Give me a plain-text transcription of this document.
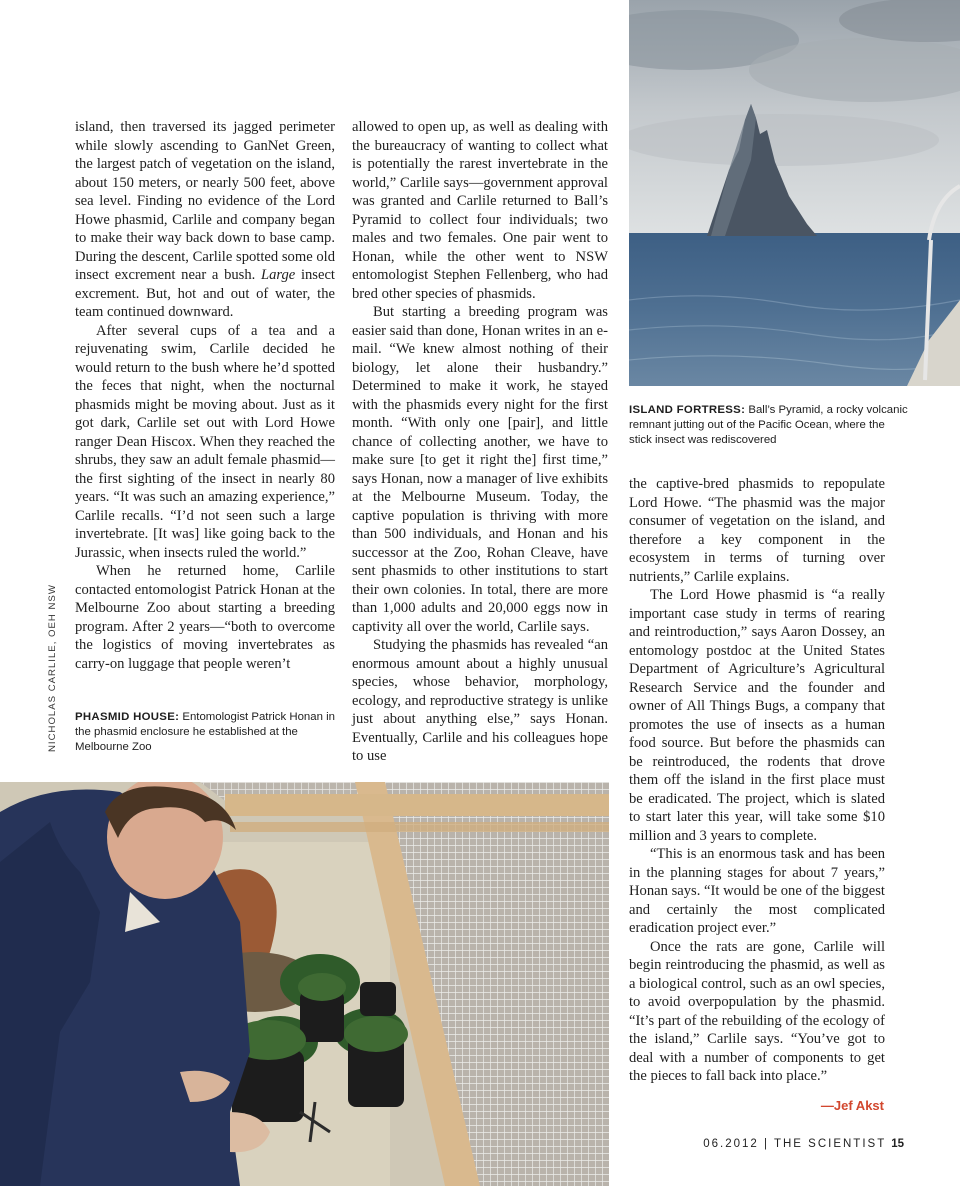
island, then traversed its jagged perimeter while slowly ascending to GanNet Green, the largest patch of vegetation on the island, about 150 meters, or nearly 500 feet, above sea level. Finding no evidence of the Lord Howe phasmid, Carlile and company began to make their way back down to base camp. During the descent, Carlile spotted some old insect excrement near a bush. Large insect excrement. But, hot and out of water, the team continued downward.

After several cups of a tea and a rejuvenating swim, Carlile decided he would return to the bush where he’d spotted the feces that night, when the nocturnal phasmids might be moving about. Just as it got dark, Carlile set out with Lord Howe ranger Dean Hiscox. When they reached the shrubs, they saw an adult female phasmid—the first sighting of the insect in nearly 80 years. “It was such an amazing experience,” Carlile recalls. “I’d not seen such a large invertebrate. [It was] like going back to the Jurassic, when insects ruled the world.”

When he returned home, Carlile contacted entomologist Patrick Honan at the Melbourne Zoo about starting a breeding program. After 2 years—“both to overcome the logistics of moving invertebrates as carry-on luggage that people weren’t

allowed to open up, as well as dealing with the bureaucracy of wanting to collect what is potentially the rarest invertebrate in the world,” Carlile says—government approval was granted and Carlile returned to Ball’s Pyramid to collect four individuals; two males and two females. One pair went to Honan, while the other went to NSW entomologist Stephen Fellenberg, who had bred other species of phasmids.

But starting a breeding program was easier said than done, Honan writes in an e-mail. “We knew almost nothing of their biology, let alone their husbandry.” Determined to make it work, he stayed with the phasmids every night for the first month. “With only one [pair], and little chance of collecting another, we have to make sure [to get it right the] first time,” says Honan, now a manager of live exhibits at the Melbourne Museum. Today, the captive population is thriving with more than 500 individuals, and Honan and his successor at the Zoo, Rohan Cleave, have sent phasmids to other institutions to start their own colonies. In total, there are more than 1,000 adults and 20,000 eggs now in captivity all over the world, Carlile says.

Studying the phasmids has revealed “an enormous amount about a highly unusual species, whose behavior, morphology, ecology, and reproductive strategy is unlike just about anything else,” says Honan. Eventually, Carlile and his colleagues hope to use

the captive-bred phasmids to repopulate Lord Howe. “The phasmid was the major consumer of vegetation on the island, and therefore a key component in the ecosystem in terms of turning over nutrients,” Carlile explains.

The Lord Howe phasmid is “a really important case study in terms of rearing and reintroduction,” says Aaron Dossey, an entomology postdoc at the United States Department of Agriculture’s Agricultural Research Service and the founder and owner of All Things Bugs, a company that promotes the use of insects as a human food source. But before the phasmids can be reintroduced, the rodents that drove them off the island in the first place must be eradicated. The project, which is slated to start later this year, will take some $10 million and 3 years to complete.

“This is an enormous task and has been in the planning stages for about 7 years,” Honan says. “It would be one of the biggest and certainly the most complicated eradication project ever.”

Once the rats are gone, Carlile will begin reintroducing the phasmid, as well as a biological control, such as an owl species, to avoid overpopulation by the phasmid. “It’s part of the rebuilding of the ecology of the island,” Carlile says. “You’ve got to deal with a number of components to get the pieces to fall back into place.”

PHASMID HOUSE: Entomologist Patrick Honan in the phasmid enclosure he established at the Melbourne Zoo
ISLAND FORTRESS: Ball’s Pyramid, a rocky volcanic remnant jutting out of the Pacific Ocean, where the stick insect was rediscovered
NICHOLAS CARLILE, OEH NSW
—Jef Akst
06.2012 | THE SCIENTIST 15
